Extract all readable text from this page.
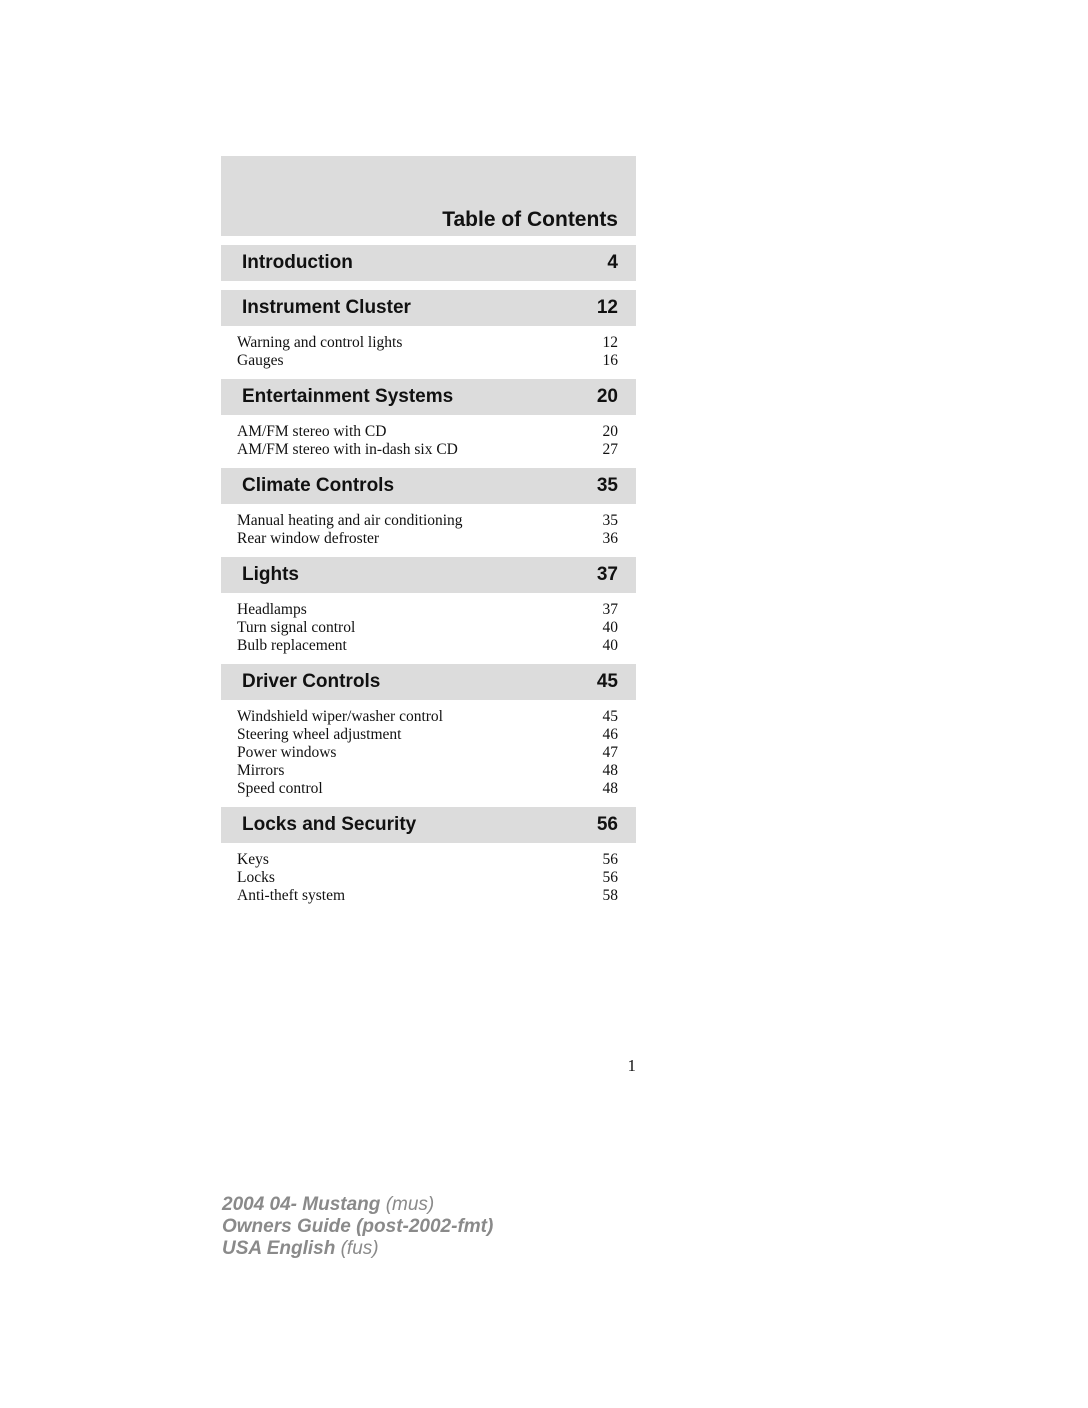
Table of Contents
Introduction	4
Instrument Cluster	12
Warning and control lights	12
Gauges	16
Entertainment Systems	20
AM/FM stereo with CD	20
AM/FM stereo with in-dash six CD	27
Climate Controls	35
Manual heating and air conditioning	35
Rear window defroster	36
Lights	37
Headlamps	37
Turn signal control	40
Bulb replacement	40
Driver Controls	45
Windshield wiper/washer control	45
Steering wheel adjustment	46
Power windows	47
Mirrors	48
Speed control	48
Locks and Security	56
Keys	56
Locks	56
Anti-theft system	58
1
2004 04- Mustang (mus)
Owners Guide (post-2002-fmt)
USA English (fus)
